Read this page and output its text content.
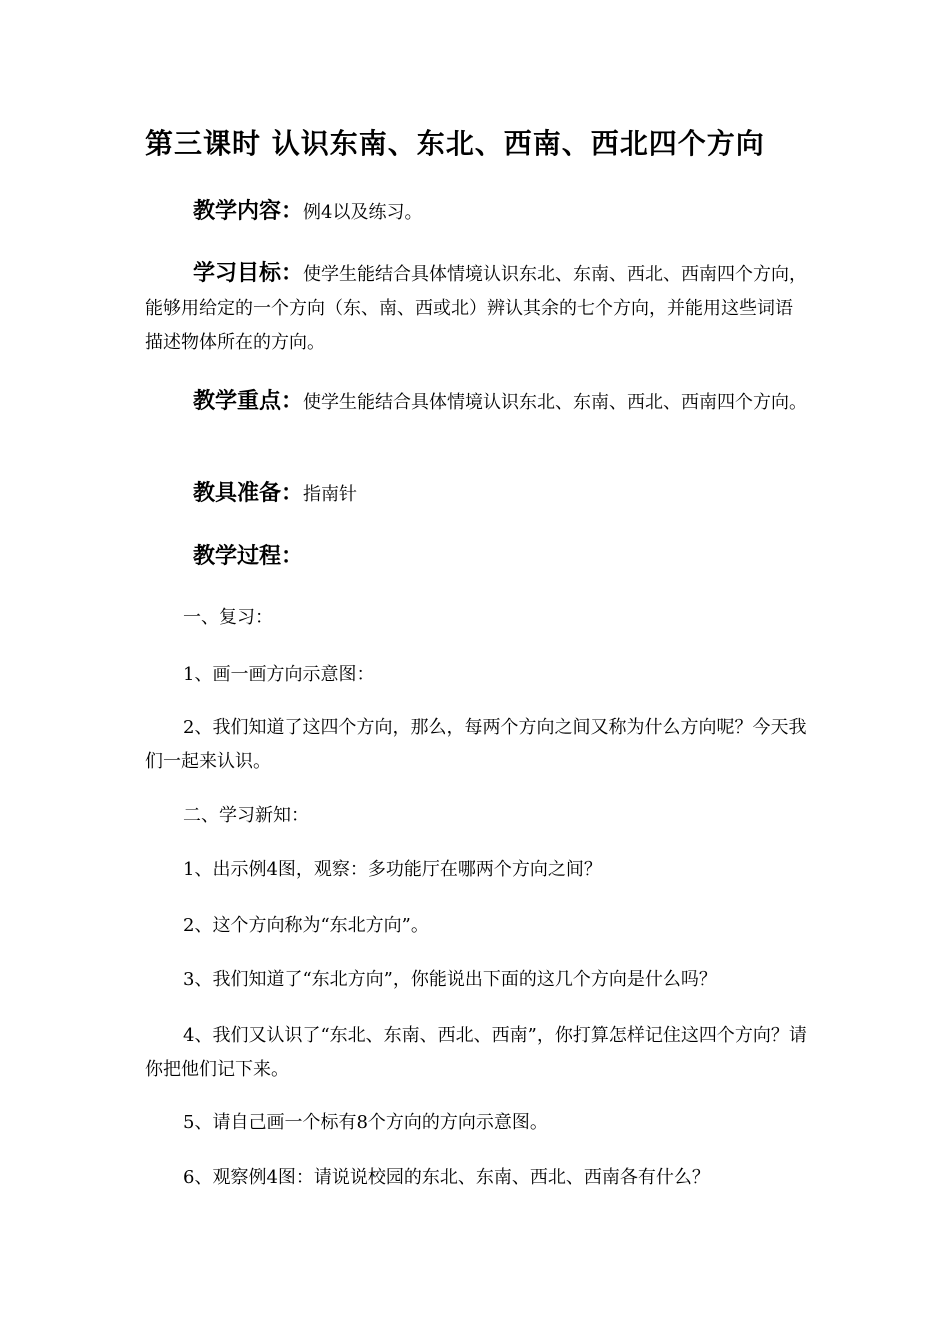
第三课时 认识东南、东北、西南、西北四个方向
教学内容：例4以及练习。
学习目标：使学生能结合具体情境认识东北、东南、西北、西南四个方向，能够用给定的一个方向（东、南、西或北）辨认其余的七个方向，并能用这些词语描述物体所在的方向。
教学重点：使学生能结合具体情境认识东北、东南、西北、西南四个方向。
教具准备：指南针
教学过程：
一、复习：
1、画一画方向示意图：
2、我们知道了这四个方向，那么，每两个方向之间又称为什么方向呢？今天我们一起来认识。
二、学习新知：
1、出示例4图，观察：多功能厅在哪两个方向之间？
2、这个方向称为“东北方向”。
3、我们知道了“东北方向”，你能说出下面的这几个方向是什么吗？
4、我们又认识了“东北、东南、西北、西南”，你打算怎样记住这四个方向？请你把他们记下来。
5、请自己画一个标有8个方向的方向示意图。
6、观察例4图：请说说校园的东北、东南、西北、西南各有什么？
